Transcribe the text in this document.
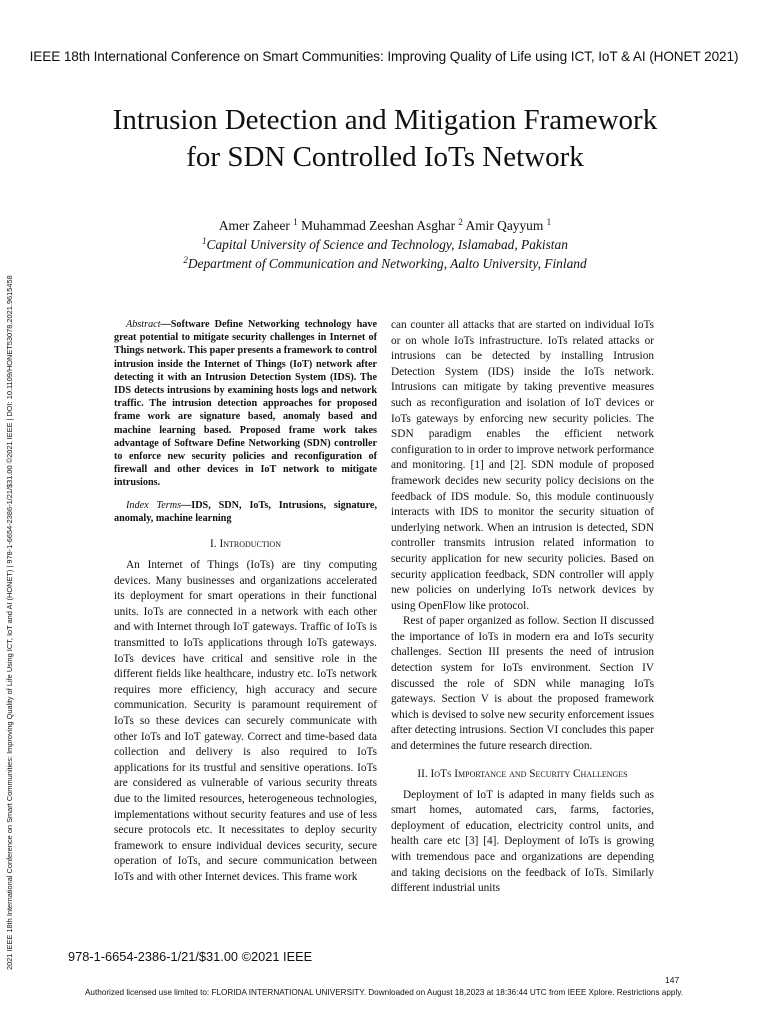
IEEE 18th International Conference on Smart Communities: Improving Quality of Life using ICT, IoT & AI (HONET 2021)
2021 IEEE 18th International Conference on Smart Communities: Improving Quality of Life Using ICT, IoT and AI (HONET) | 978-1-6654-2386-1/21/$31.00 ©2021 IEEE | DOI: 10.1109/HONET53078.2021.9615458
Intrusion Detection and Mitigation Framework for SDN Controlled IoTs Network
Amer Zaheer $^1$ Muhammad Zeeshan Asghar $^2$ Amir Qayyum $^1$
$^1$Capital University of Science and Technology, Islamabad, Pakistan
$^2$Department of Communication and Networking, Aalto University, Finland

Abstract—Software Define Networking technology have great potential to mitigate security challenges in Internet of Things network. This paper presents a framework to control intrusion inside the Internet of Things (IoT) network after detecting it with an Intrusion Detection System (IDS). The IDS detects intrusions by examining hosts logs and network traffic. The intrusion detection approaches for proposed frame work are signature based, anomaly based and machine learning based. Proposed frame work takes advantage of Software Define Networking (SDN) controller to enforce new security policies and reconfiguration of firewall and other devices in IoT network to mitigate intrusions.

Index Terms—IDS, SDN, IoTs, Intrusions, signature, anomaly, machine learning

I. Introduction

An Internet of Things (IoTs) are tiny computing devices. Many businesses and organizations accelerated its deployment for smart operations in their functional units. IoTs are connected in a network with each other and with Internet through IoT gateways. Traffic of IoTs is transmitted to IoTs applications through IoTs gateways. IoTs devices have critical and sensitive role in the different fields like healthcare, industry etc. IoTs network requires more efficiency, high accuracy and secure communication. Security is paramount requirement of IoTs so these devices can securely communicate with other IoTs and IoT gateway. Correct and time-based data collection and delivery is also required to IoTs applications for its trustful and sensitive operations. IoTs are considered as vulnerable of various security threats due to the limited resources, heterogeneous technologies, implementations without security features and use of less secure protocols etc. It necessitates to deploy security framework to ensure individual devices security, secure operation of IoTs, and secure communication between IoTs and with other Internet devices. This frame work

can counter all attacks that are started on individual IoTs or on whole IoTs infrastructure. IoTs related attacks or intrusions can be detected by installing Intrusion Detection System (IDS) inside the IoTs network. Intrusions can mitigate by taking preventive measures such as reconfiguration and isolation of IoT devices or IoTs gateways by enforcing new security policies. The SDN paradigm enables the efficient network configuration to in order to improve network performance and monitoring. [1] and [2]. SDN module of proposed framework decides new security policy decisions on the feedback of IDS module. So, this module continuously interacts with IDS to monitor the security situation of underlying network. When an intrusion is detected, SDN controller transmits intrusion related information to security application for new security policies. Based on security application feedback, SDN controller will apply new policies on underlying IoTs network devices by using OpenFlow like protocol.

Rest of paper organized as follow. Section II discussed the importance of IoTs in modern era and IoTs security challenges. Section III presents the need of intrusion detection system for IoTs environment. Section IV discussed the role of SDN while managing IoTs gateways. Section V is about the proposed framework which is devised to solve new security enforcement issues after detecting intrusions. Section VI concludes this paper and determines the future research direction.

II. IoTs Importance and Security Challenges

Deployment of IoT is adapted in many fields such as smart homes, automated cars, farms, factories, deployment of education, electricity control units, and health care etc [3] [4]. Deployment of IoTs is growing with tremendous pace and organizations are depending and taking decisions on the feedback of IoTs. Similarly different industrial units

978-1-6654-2386-1/21/$31.00 ©2021 IEEE
147
Authorized licensed use limited to: FLORIDA INTERNATIONAL UNIVERSITY. Downloaded on August 18,2023 at 18:36:44 UTC from IEEE Xplore. Restrictions apply.
